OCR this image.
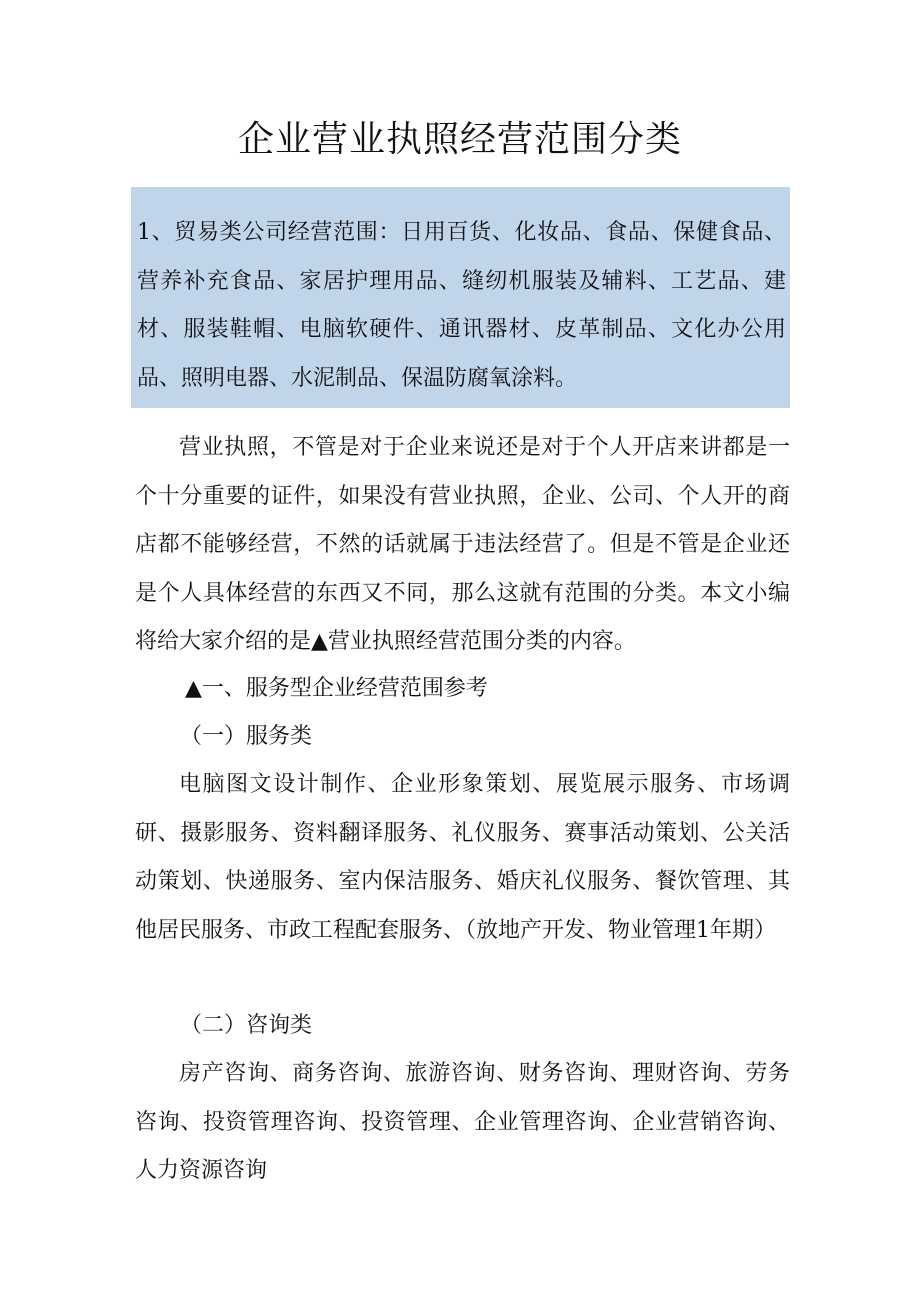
企业营业执照经营范围分类

1、贸易类公司经营范围：日用百货、化妆品、食品、保健食品、营养补充食品、家居护理用品、缝纫机服装及辅料、工艺品、建材、服装鞋帽、电脑软硬件、通讯器材、皮革制品、文化办公用品、照明电器、水泥制品、保温防腐氧涂料。

营业执照，不管是对于企业来说还是对于个人开店来讲都是一个十分重要的证件，如果没有营业执照，企业、公司、个人开的商店都不能够经营，不然的话就属于违法经营了。但是不管是企业还是个人具体经营的东西又不同，那么这就有范围的分类。本文小编将给大家介绍的是▲营业执照经营范围分类的内容。

▲一、服务型企业经营范围参考

（一）服务类

电脑图文设计制作、企业形象策划、展览展示服务、市场调研、摄影服务、资料翻译服务、礼仪服务、赛事活动策划、公关活动策划、快递服务、室内保洁服务、婚庆礼仪服务、餐饮管理、其他居民服务、市政工程配套服务、（放地产开发、物业管理1年期）

（二）咨询类

房产咨询、商务咨询、旅游咨询、财务咨询、理财咨询、劳务咨询、投资管理咨询、投资管理、企业管理咨询、企业营销咨询、人力资源咨询
